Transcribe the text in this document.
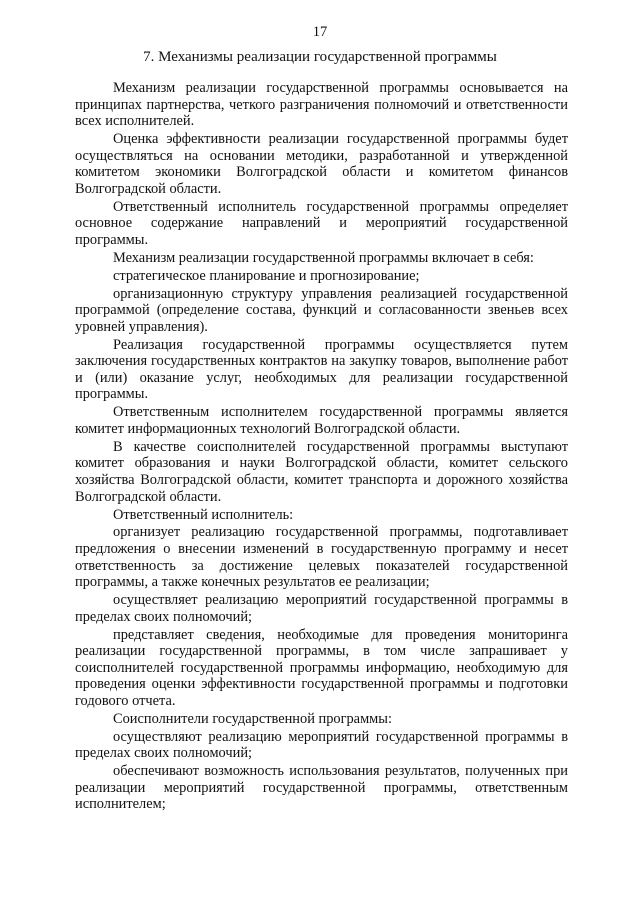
17
7. Механизмы реализации государственной программы

Механизм реализации государственной программы основывается на принципах партнерства, четкого разграничения полномочий и ответственности всех исполнителей.

Оценка эффективности реализации государственной программы будет осуществляться на основании методики, разработанной и утвержденной комитетом экономики Волгоградской области и комитетом финансов Волгоградской области.

Ответственный исполнитель государственной программы определяет основное содержание направлений и мероприятий государственной программы.

Механизм реализации государственной программы включает в себя:

стратегическое планирование и прогнозирование;

организационную структуру управления реализацией государственной программой (определение состава, функций и согласованности звеньев всех уровней управления).

Реализация государственной программы осуществляется путем заключения государственных контрактов на закупку товаров, выполнение работ и (или) оказание услуг, необходимых для реализации государственной программы.

Ответственным исполнителем государственной программы является комитет информационных технологий Волгоградской области.

В качестве соисполнителей государственной программы выступают комитет образования и науки Волгоградской области, комитет сельского хозяйства Волгоградской области, комитет транспорта и дорожного хозяйства Волгоградской области.

Ответственный исполнитель:

организует реализацию государственной программы, подготавливает предложения о внесении изменений в государственную программу и несет ответственность за достижение целевых показателей государственной программы, а также конечных результатов ее реализации;

осуществляет реализацию мероприятий государственной программы в пределах своих полномочий;

представляет сведения, необходимые для проведения мониторинга реализации государственной программы, в том числе запрашивает у соисполнителей государственной программы информацию, необходимую для проведения оценки эффективности государственной программы и подготовки годового отчета.

Соисполнители государственной программы:

осуществляют реализацию мероприятий государственной программы в пределах своих полномочий;

обеспечивают возможность использования результатов, полученных при реализации мероприятий государственной программы, ответственным исполнителем;
